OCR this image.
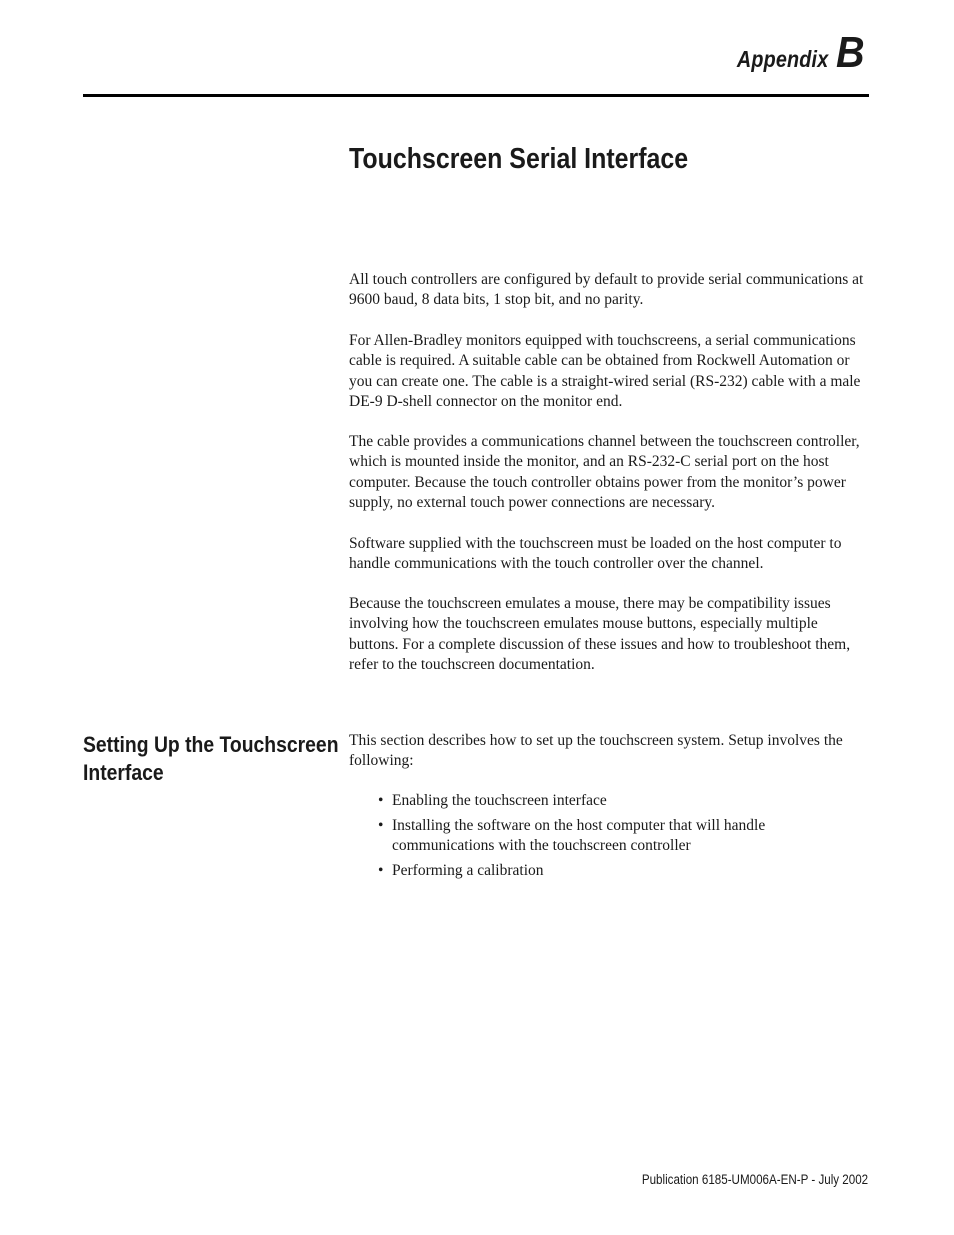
Appendix B
Touchscreen Serial Interface

All touch controllers are configured by default to provide serial communications at 9600 baud, 8 data bits, 1 stop bit, and no parity.

For Allen-Bradley monitors equipped with touchscreens, a serial communications cable is required. A suitable cable can be obtained from Rockwell Automation or you can create one. The cable is a straight-wired serial (RS-232) cable with a male DE-9 D-shell connector on the monitor end.

The cable provides a communications channel between the touchscreen controller, which is mounted inside the monitor, and an RS-232-C serial port on the host computer. Because the touch controller obtains power from the monitor’s power supply, no external touch power connections are necessary.

Software supplied with the touchscreen must be loaded on the host computer to handle communications with the touch controller over the channel.

Because the touchscreen emulates a mouse, there may be compatibility issues involving how the touchscreen emulates mouse buttons, especially multiple buttons. For a complete discussion of these issues and how to troubleshoot them, refer to the touchscreen documentation.

Setting Up the Touchscreen Interface

This section describes how to set up the touchscreen system. Setup involves the following:

• Enabling the touchscreen interface
• Installing the software on the host computer that will handle communications with the touchscreen controller
• Performing a calibration
Publication 6185-UM006A-EN-P - July 2002
